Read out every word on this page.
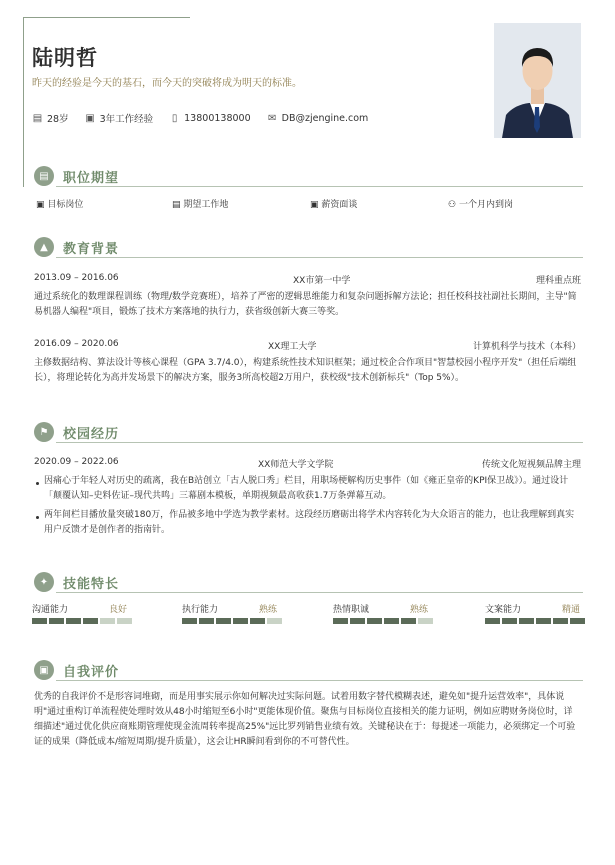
陆明哲
昨天的经验是今天的基石，而今天的突破将成为明天的标准。
▤ 28岁 ▣ 3年工作经验 ▯ 13800138000 ✉ DB@zjengine.com
▤	职位期望
▣ 目标岗位	▤ 期望工作地	▣ 薪资面谈	⚇ 一个月内到岗
▲	教育背景
2013.09 – 2016.06	XX市第一中学	理科重点班
通过系统化的数理课程训练（物理/数学竞赛班），培养了严密的逻辑思维能力和复杂问题拆解方法论；担任校科技社副社长期间，主导"简易机器人编程"项目，锻炼了技术方案落地的执行力，获省级创新大赛三等奖。
2016.09 – 2020.06	XX理工大学	计算机科学与技术（本科）
主修数据结构、算法设计等核心课程（GPA 3.7/4.0），构建系统性技术知识框架；通过校企合作项目"智慧校园小程序开发"（担任后端组长），将理论转化为高并发场景下的解决方案，服务3所高校超2万用户，获校级"技术创新标兵"（Top 5%）。
⚑	校园经历
2020.09 – 2022.06	XX师范大学文学院	传统文化短视频品牌主理
因痛心于年轻人对历史的疏离，我在B站创立「古人脱口秀」栏目，用职场梗解构历史事件（如《雍正皇帝的KPI保卫战》）。通过设计「颠覆认知–史料佐证–现代共鸣」三幕剧本模板，单期视频最高收获1.7万条弹幕互动。
两年间栏目播放量突破180万，作品被多地中学选为教学素材。这段经历磨砺出将学术内容转化为大众语言的能力，也让我理解到真实用户反馈才是创作者的指南针。
✦	技能特长
沟通能力	良好	执行能力	熟练	热情职诚	熟练	文案能力	精通
▣	自我评价
优秀的自我评价不是形容词堆砌，而是用事实展示你如何解决过实际问题。试着用数字替代模糊表述，避免如"提升运营效率"，具体说明"通过重构订单流程使处理时效从48小时缩短至6小时"更能体现价值。聚焦与目标岗位直接相关的能力证明，例如应聘财务岗位时，详细描述"通过优化供应商账期管理使现金流周转率提高25%"远比罗列销售业绩有效。关键秘诀在于：每提述一项能力，必须绑定一个可验证的成果（降低成本/缩短周期/提升质量），这会让HR瞬间看到你的不可替代性。
